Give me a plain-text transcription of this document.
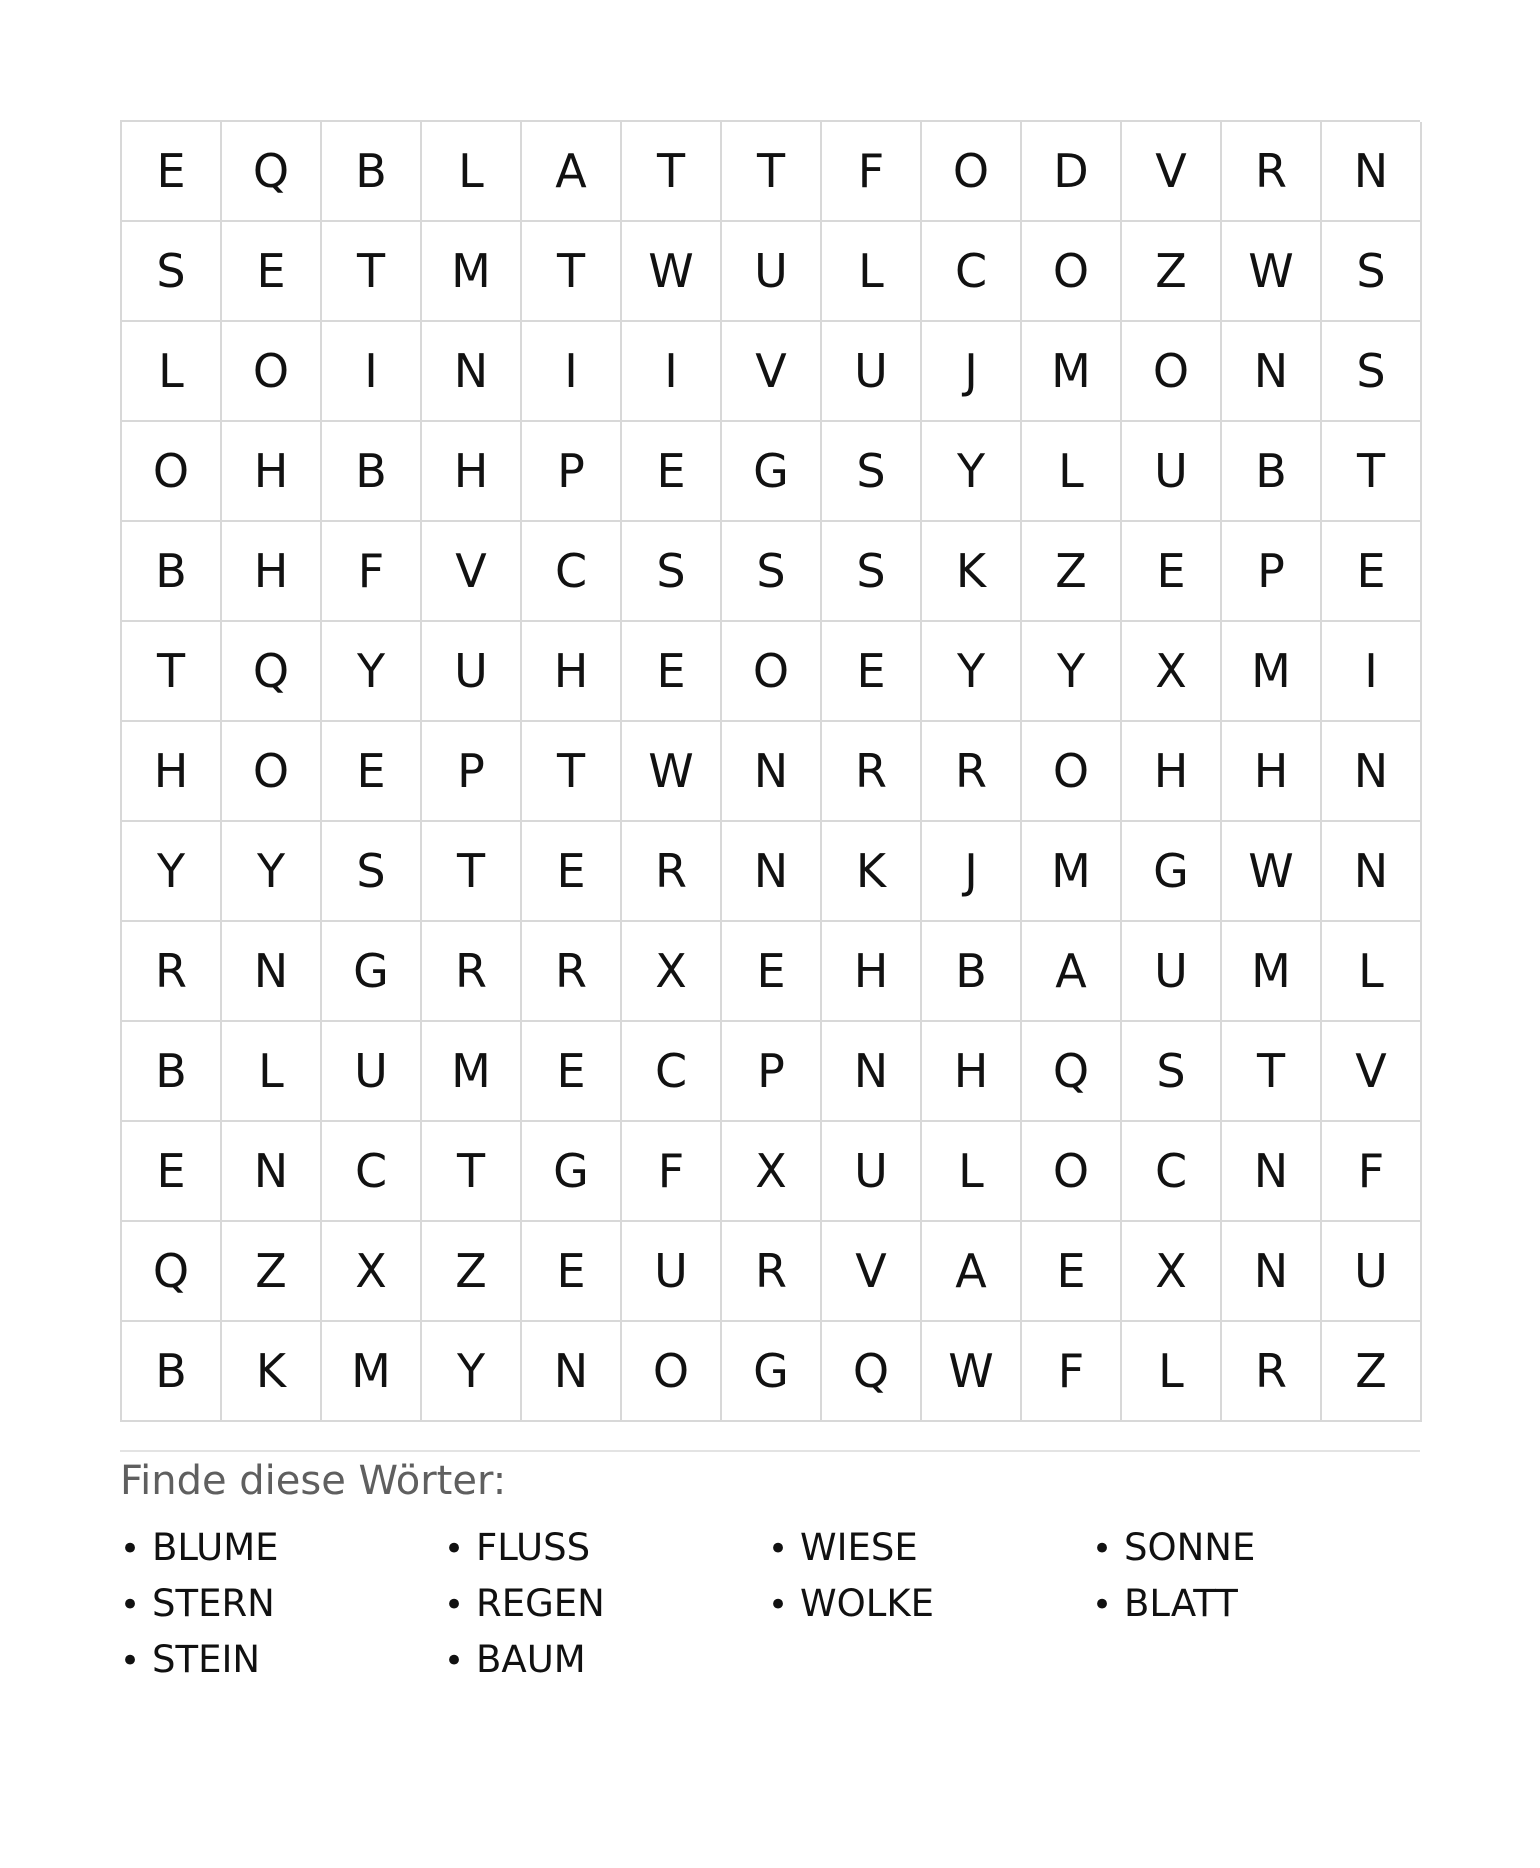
E	Q	B	L	A	T	T	F	O	D	V	R	N
S	E	T	M	T	W	U	L	C	O	Z	W	S
L	O	I	N	I	I	V	U	J	M	O	N	S
O	H	B	H	P	E	G	S	Y	L	U	B	T
B	H	F	V	C	S	S	S	K	Z	E	P	E
T	Q	Y	U	H	E	O	E	Y	Y	X	M	I
H	O	E	P	T	W	N	R	R	O	H	H	N
Y	Y	S	T	E	R	N	K	J	M	G	W	N
R	N	G	R	R	X	E	H	B	A	U	M	L
B	L	U	M	E	C	P	N	H	Q	S	T	V
E	N	C	T	G	F	X	U	L	O	C	N	F
Q	Z	X	Z	E	U	R	V	A	E	X	N	U
B	K	M	Y	N	O	G	Q	W	F	L	R	Z
Finde diese Wörter:
• BLUME	• FLUSS	• WIESE	• SONNE
• STERN	• REGEN	• WOLKE	• BLATT
• STEIN	• BAUM
